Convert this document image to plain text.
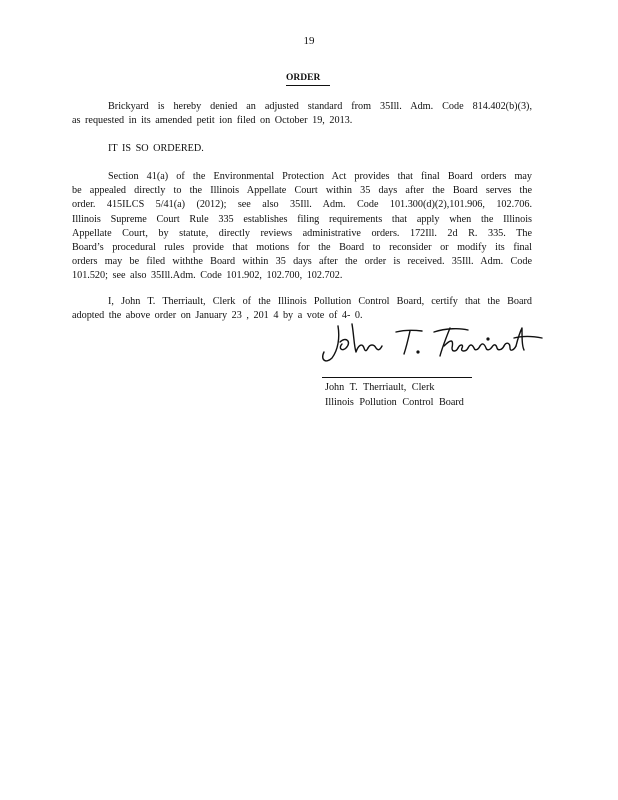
19
ORDER
Brickyard is hereby denied an adjusted standard from 35Ill. Adm. Code 814.402(b)(3),
as requested in its amended petit ion filed on October 19, 2013.
IT IS SO ORDERED.
Section 41(a) of the Environmental Protection Act provides that final Board orders may
be appealed directly to the Illinois Appellate Court within 35 days after the Board serves the
order. 415ILCS 5/41(a) (2012); see also 35Ill. Adm. Code 101.300(d)(2),101.906, 102.706.
Illinois Supreme Court Rule 335 establishes filing requirements that apply when the Illinois
Appellate Court, by statute, directly reviews administrative orders. 172Ill. 2d R. 335. The
Board’s procedural rules provide that motions for the Board to reconsider or modify its final
orders may be filed withthe Board within 35 days after the order is received. 35Ill. Adm. Code
101.520; see also 35Ill.Adm. Code 101.902, 102.700, 102.702.
I, John T. Therriault, Clerk of the Illinois Pollution Control Board, certify that the Board
adopted the above order on January 23 , 201 4 by a vote of 4- 0.
John T. Therriault, Clerk
Illinois Pollution Control Board
